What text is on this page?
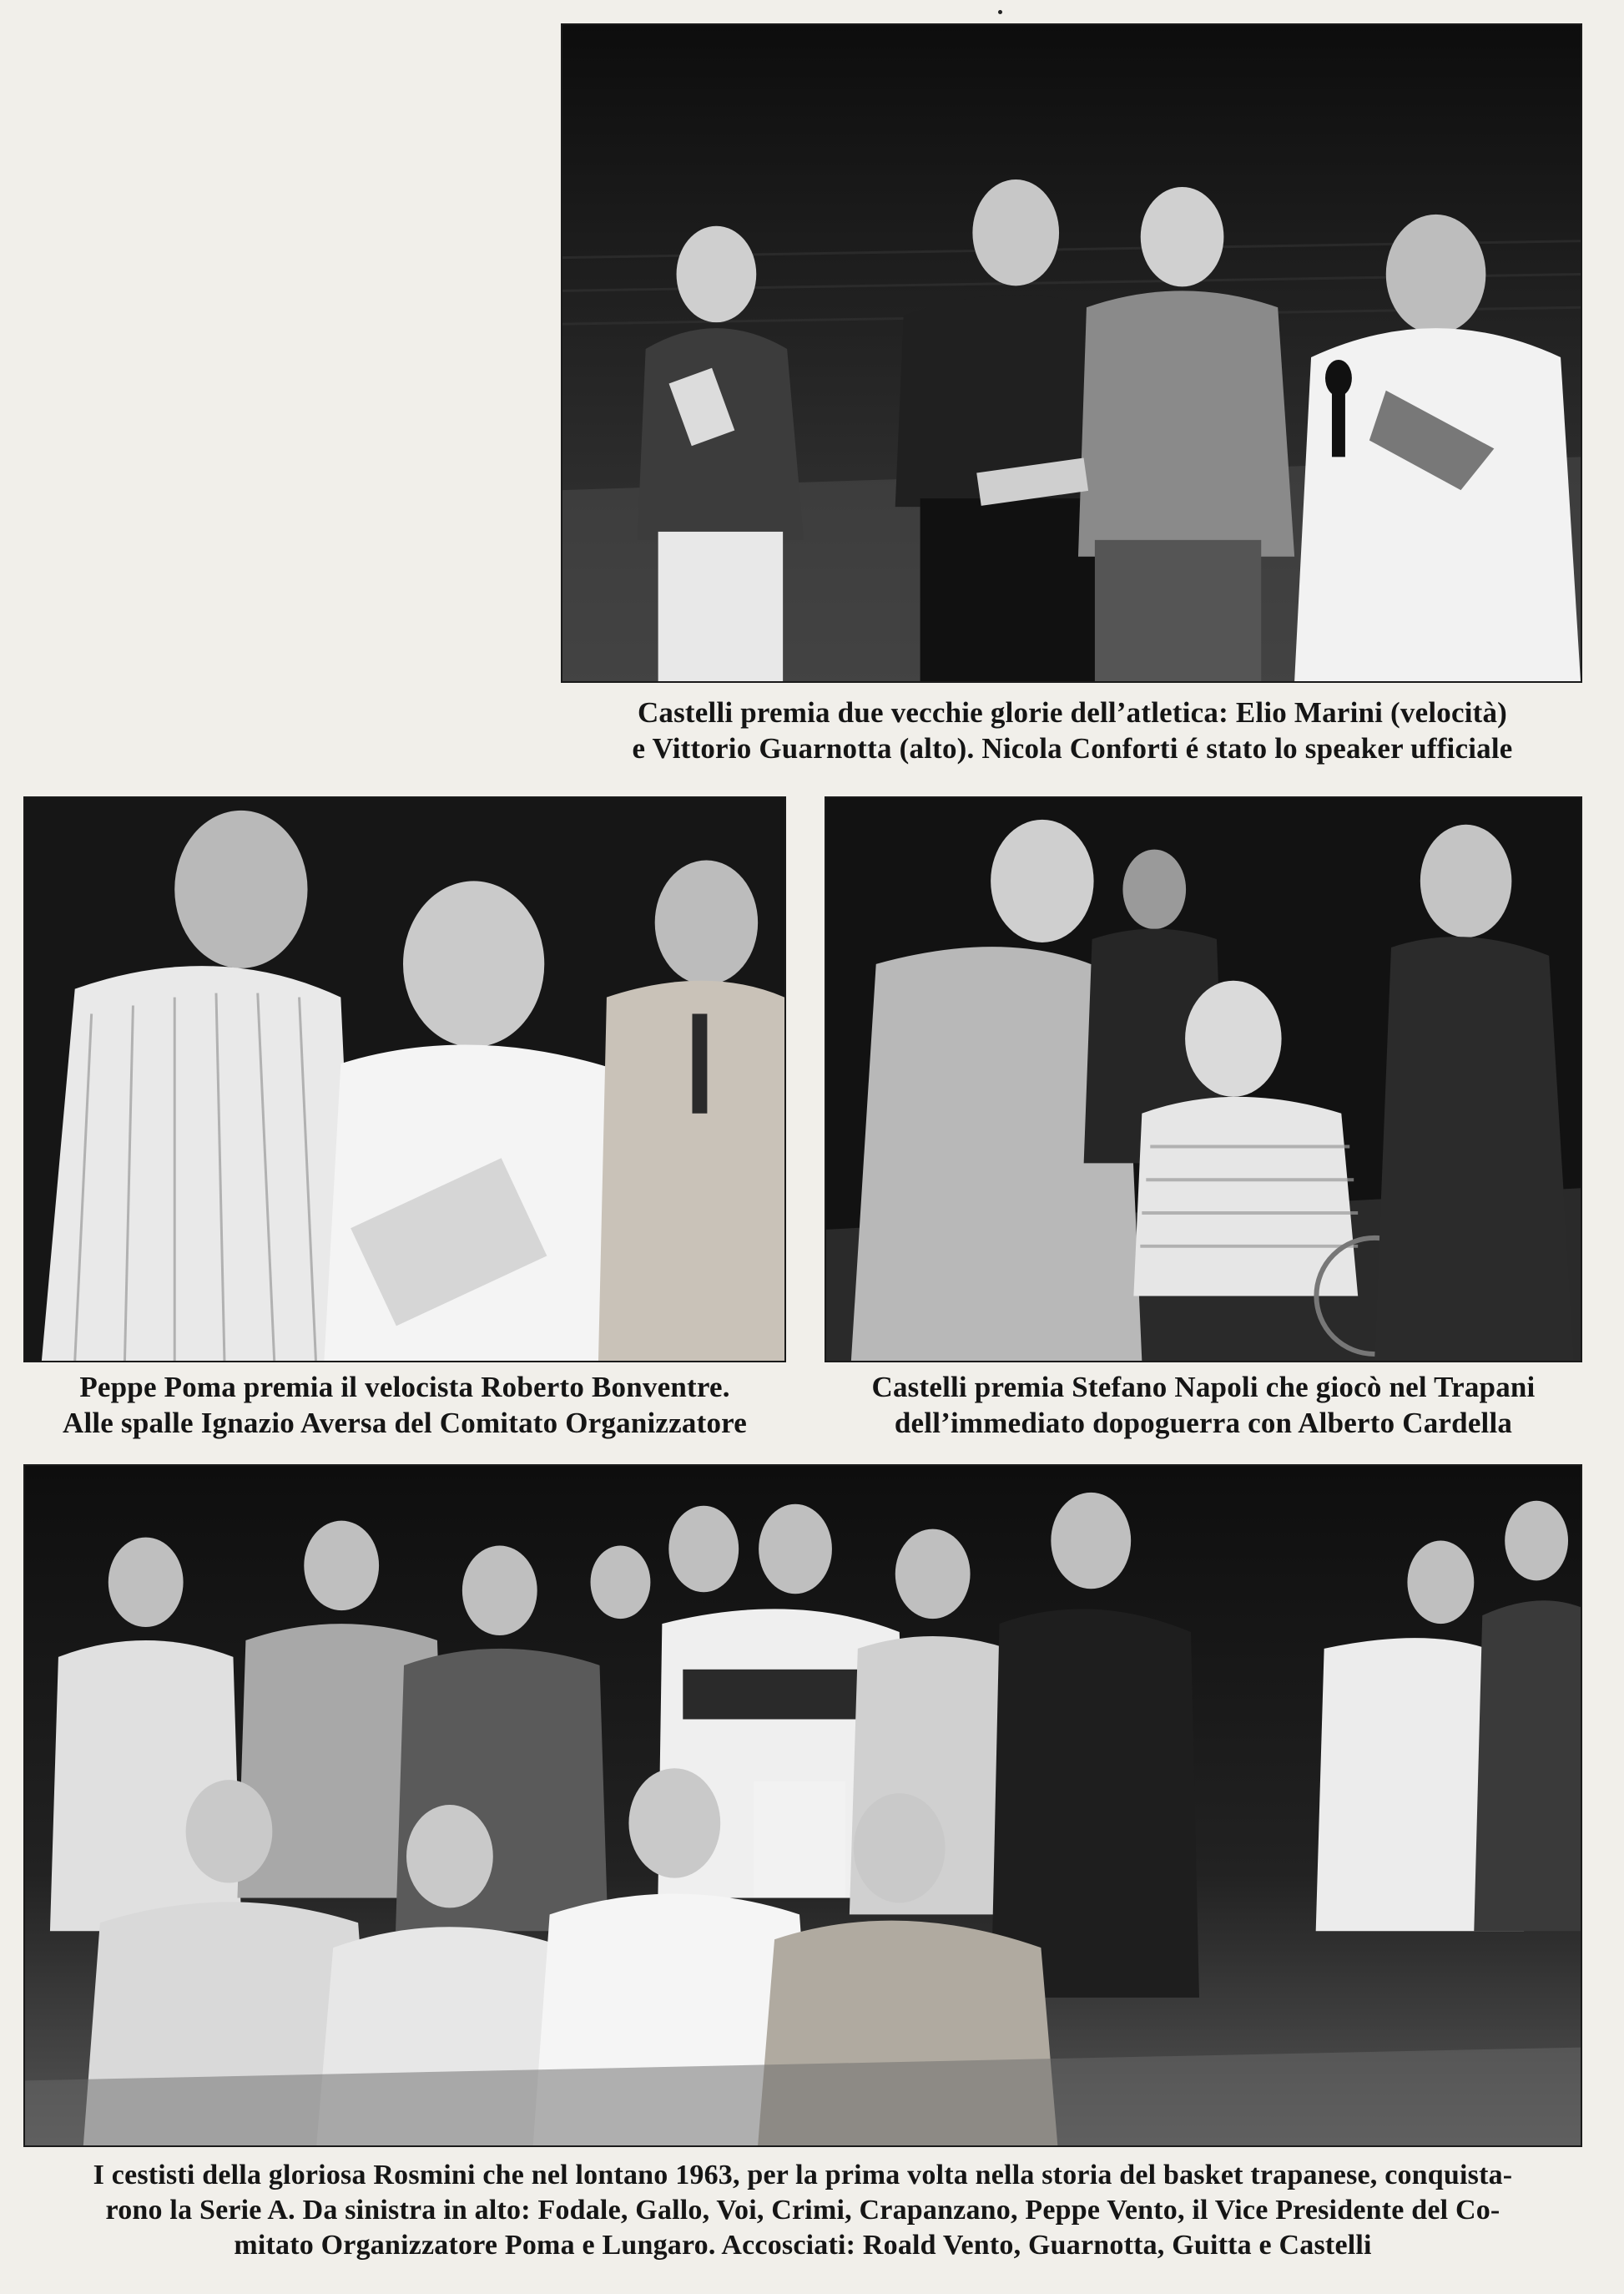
Castelli premia due vecchie glorie dell’atletica: Elio Marini (velocità)
e Vittorio Guarnotta (alto). Nicola Conforti é stato lo speaker ufficiale
Peppe Poma premia il velocista Roberto Bonventre.
Alle spalle Ignazio Aversa del Comitato Organizzatore
Castelli premia Stefano Napoli che giocò nel Trapani
dell’immediato dopoguerra con Alberto Cardella
I cestisti della gloriosa Rosmini che nel lontano 1963, per la prima volta nella storia del basket trapanese, conquista-
rono la Serie A. Da sinistra in alto: Fodale, Gallo, Voi, Crimi, Crapanzano, Peppe Vento, il Vice Presidente del Co-
mitato Organizzatore Poma e Lungaro. Accosciati: Roald Vento, Guarnotta, Guitta e Castelli
